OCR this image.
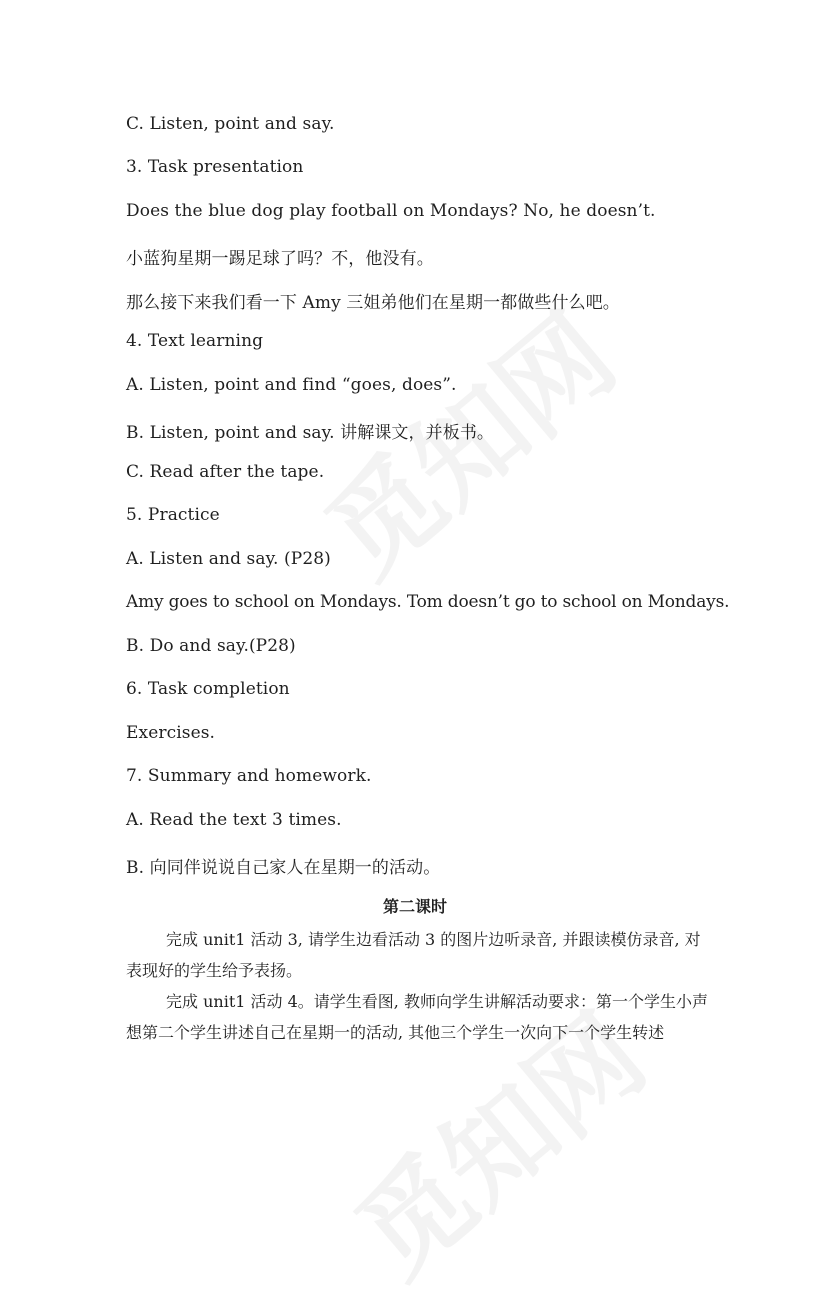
C. Listen, point and say.
3. Task presentation
Does the blue dog play football on Mondays? No, he doesn’t.
小蓝狗星期一踢足球了吗？不，他没有。
那么接下来我们看一下 Amy 三姐弟他们在星期一都做些什么吧。
4. Text learning
A. Listen, point and find “goes, does”.
B. Listen, point and say. 讲解课文，并板书。
C. Read after the tape.
5. Practice
A. Listen and say. (P28)
Amy goes to school on Mondays. Tom doesn’t go to school on Mondays.
B. Do and say.(P28)
6. Task completion
Exercises.
7. Summary and homework.
A. Read the text 3 times.
B. 向同伴说说自己家人在星期一的活动。
第二课时
完成 unit1 活动 3, 请学生边看活动 3 的图片边听录音, 并跟读模仿录音, 对表现好的学生给予表扬。
完成 unit1 活动 4。请学生看图, 教师向学生讲解活动要求：第一个学生小声想第二个学生讲述自己在星期一的活动, 其他三个学生一次向下一个学生转述
